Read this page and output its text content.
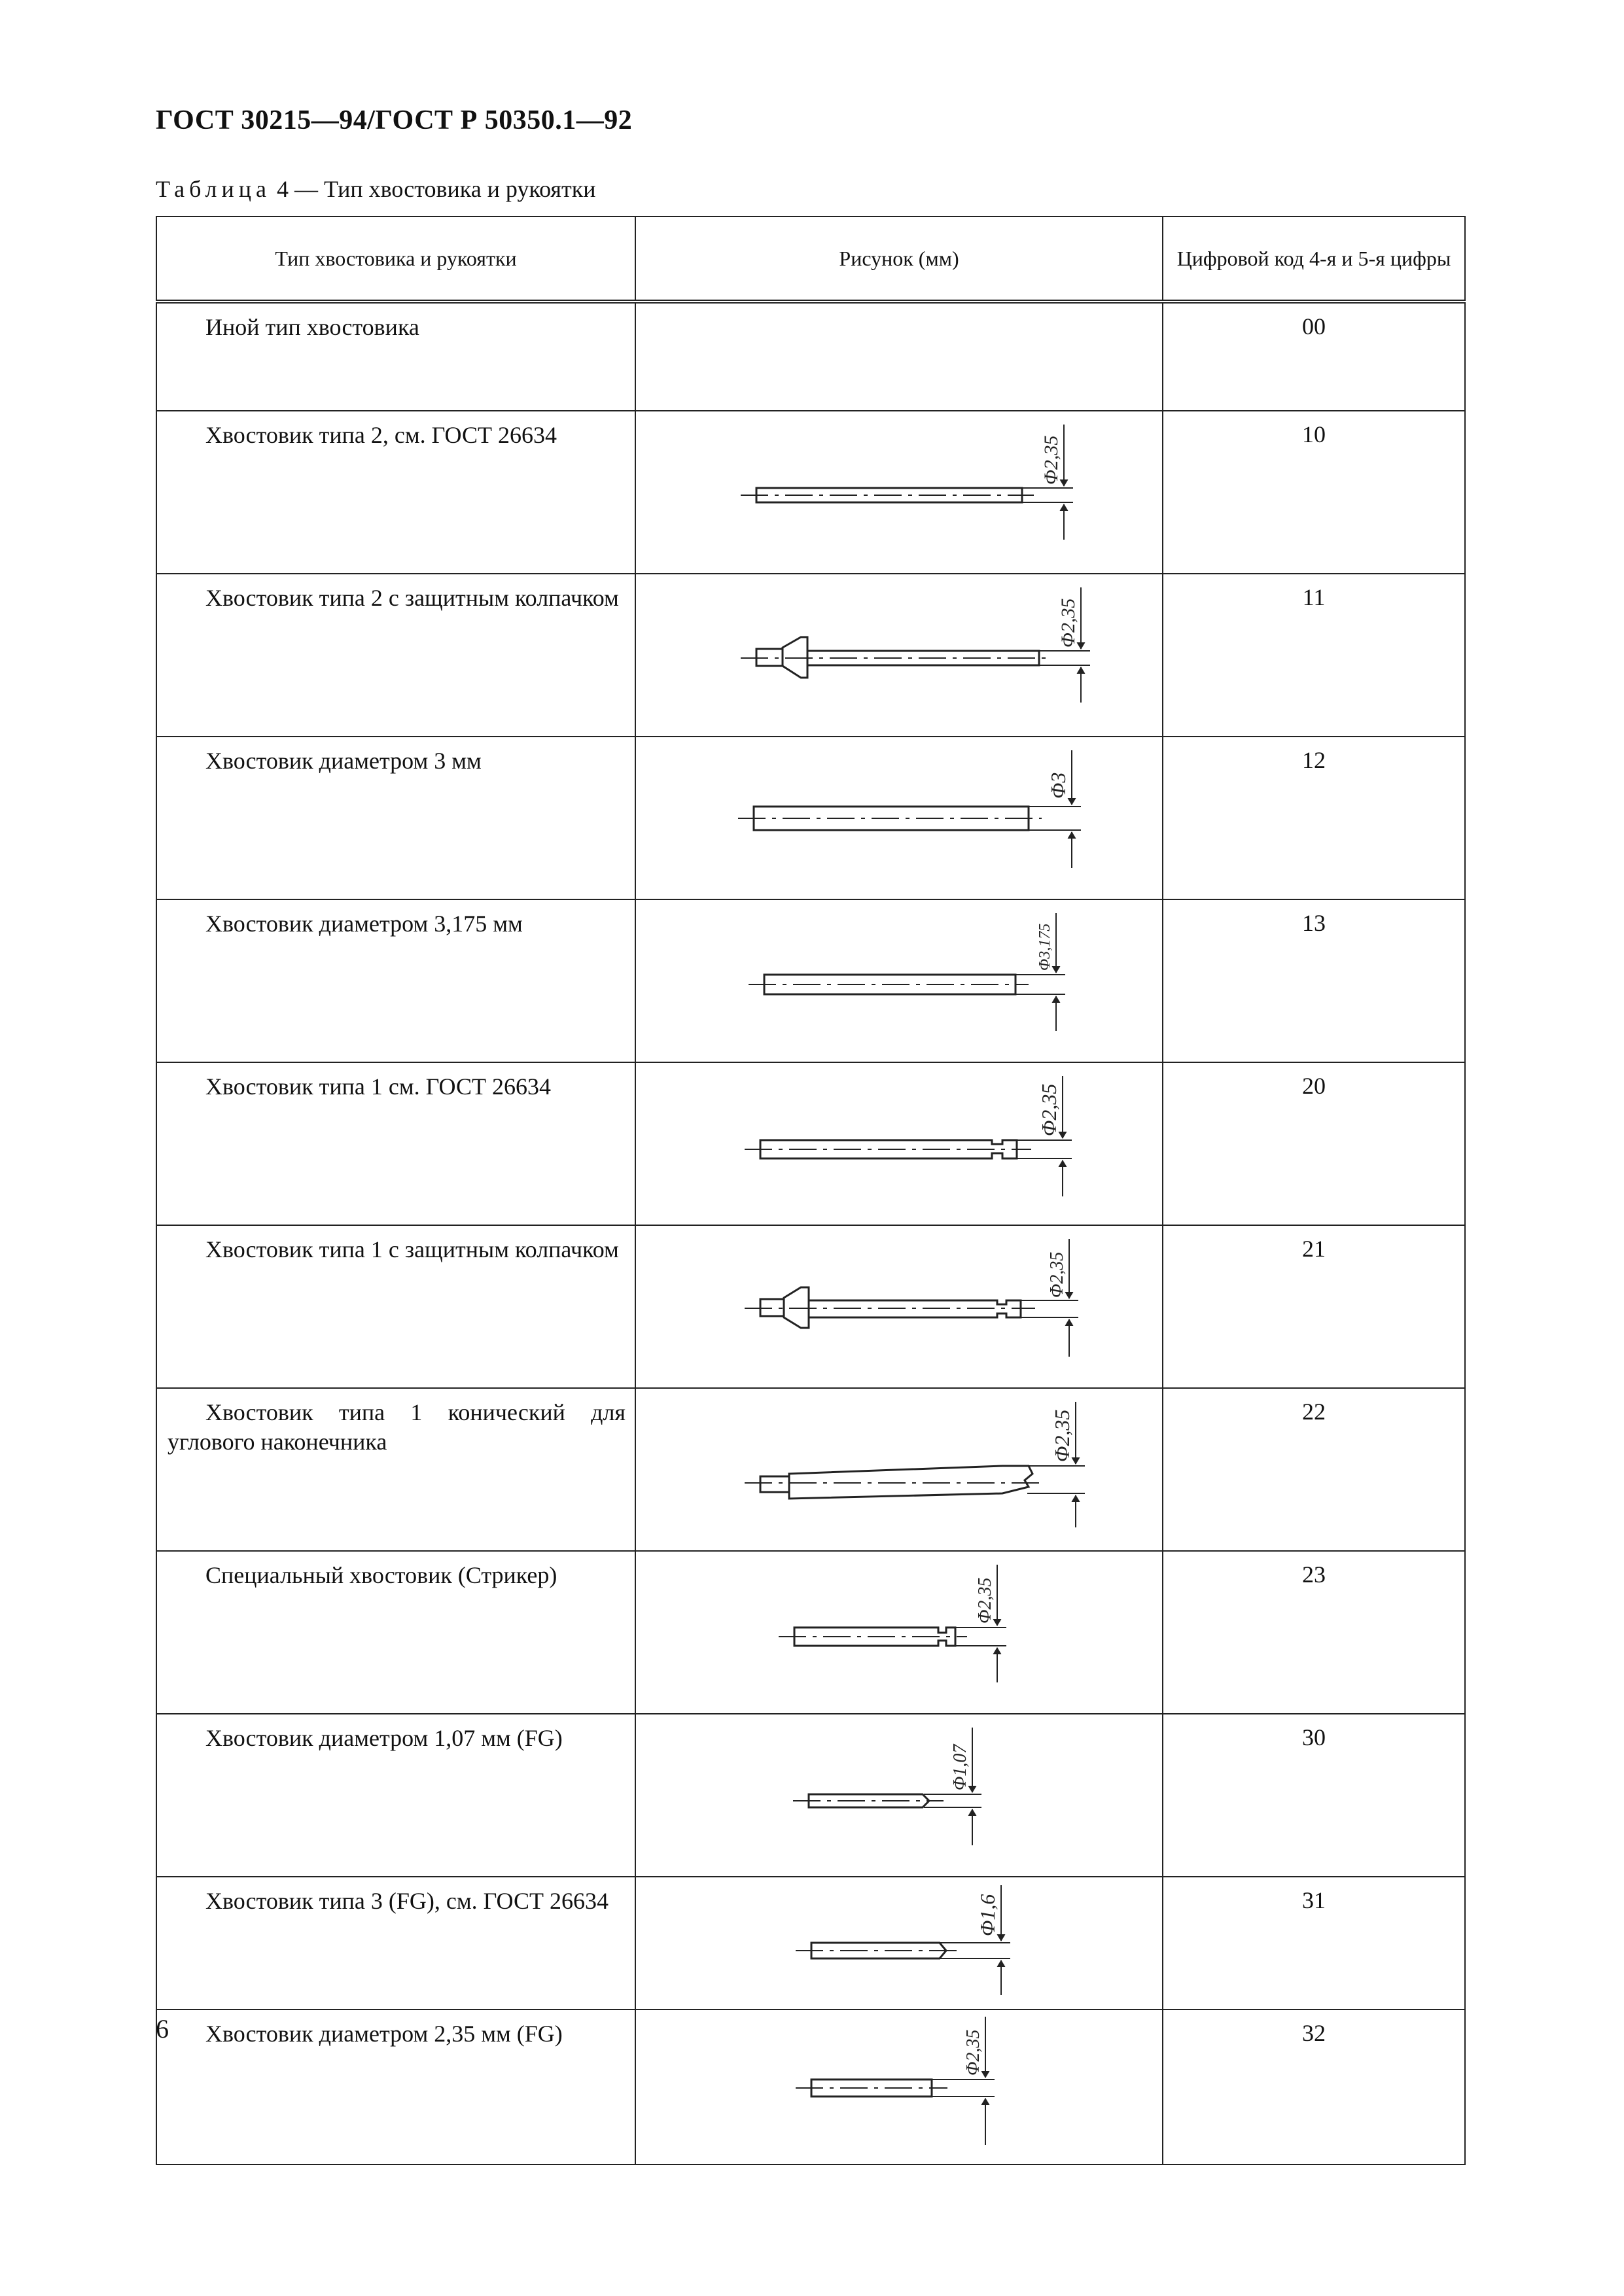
ГОСТ 30215—94/ГОСТ Р 50350.1—92
Таблица 4 — Тип хвостовика и рукоятки
Тип хвостовика и рукоятки	Рисунок (мм)	Цифровой код 4-я и 5-я цифры

Иной тип хвостовика		00

Хвостовик типа 2, см. ГОСТ 26634	Φ2,35	10

Хвостовик типа 2 с защитным колпачком	Φ2,35	11

Хвостовик диаметром 3 мм	Φ3	12

Хвостовик диаметром 3,175 мм	Φ3,175	13

Хвостовик типа 1 см. ГОСТ 26634	Φ2,35	20

Хвостовик типа 1 с защитным колпачком	Φ2,35	21

Хвостовик типа 1 конический для углового наконечника	Φ2,35	22

Специальный хвостовик (Стрикер)	Φ2,35	23

Хвостовик диаметром 1,07 мм (FG)	Φ1,07	30

Хвостовик типа 3 (FG), см. ГОСТ 26634	Φ1,6	31

Хвостовик диаметром 2,35 мм (FG)	Φ2,35	32
6
